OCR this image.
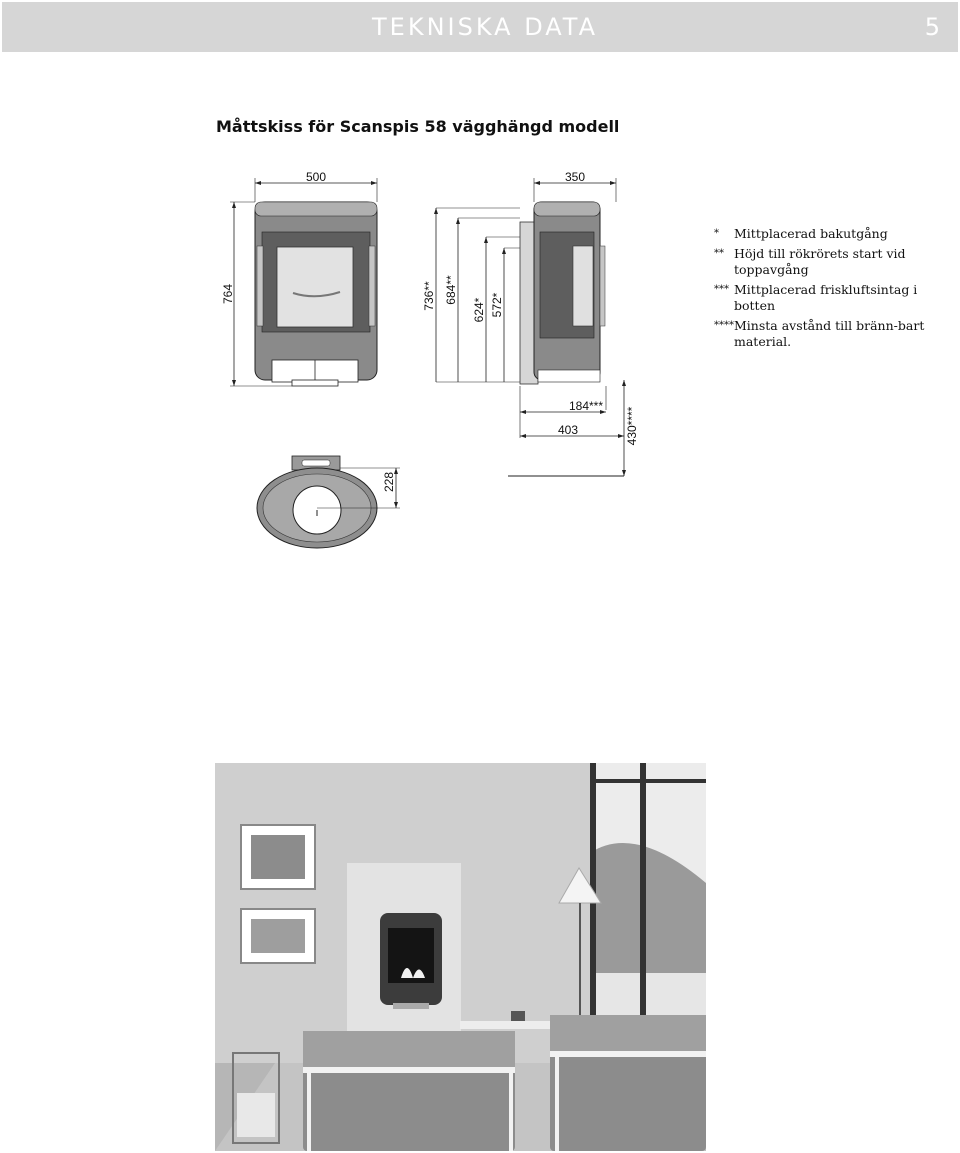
TEKNISKA DATA	5
Måttskiss för Scanspis 58 vägghängd modell
500
764	736** 684**
624* 572*
350
184***
403	430****
228
* Mittplacerad bakutgång
** Höjd till rökrörets start vid toppavgång
*** Mittplacerad friskluftsintag i botten
**** Minsta avstånd till bränn-bart material.
